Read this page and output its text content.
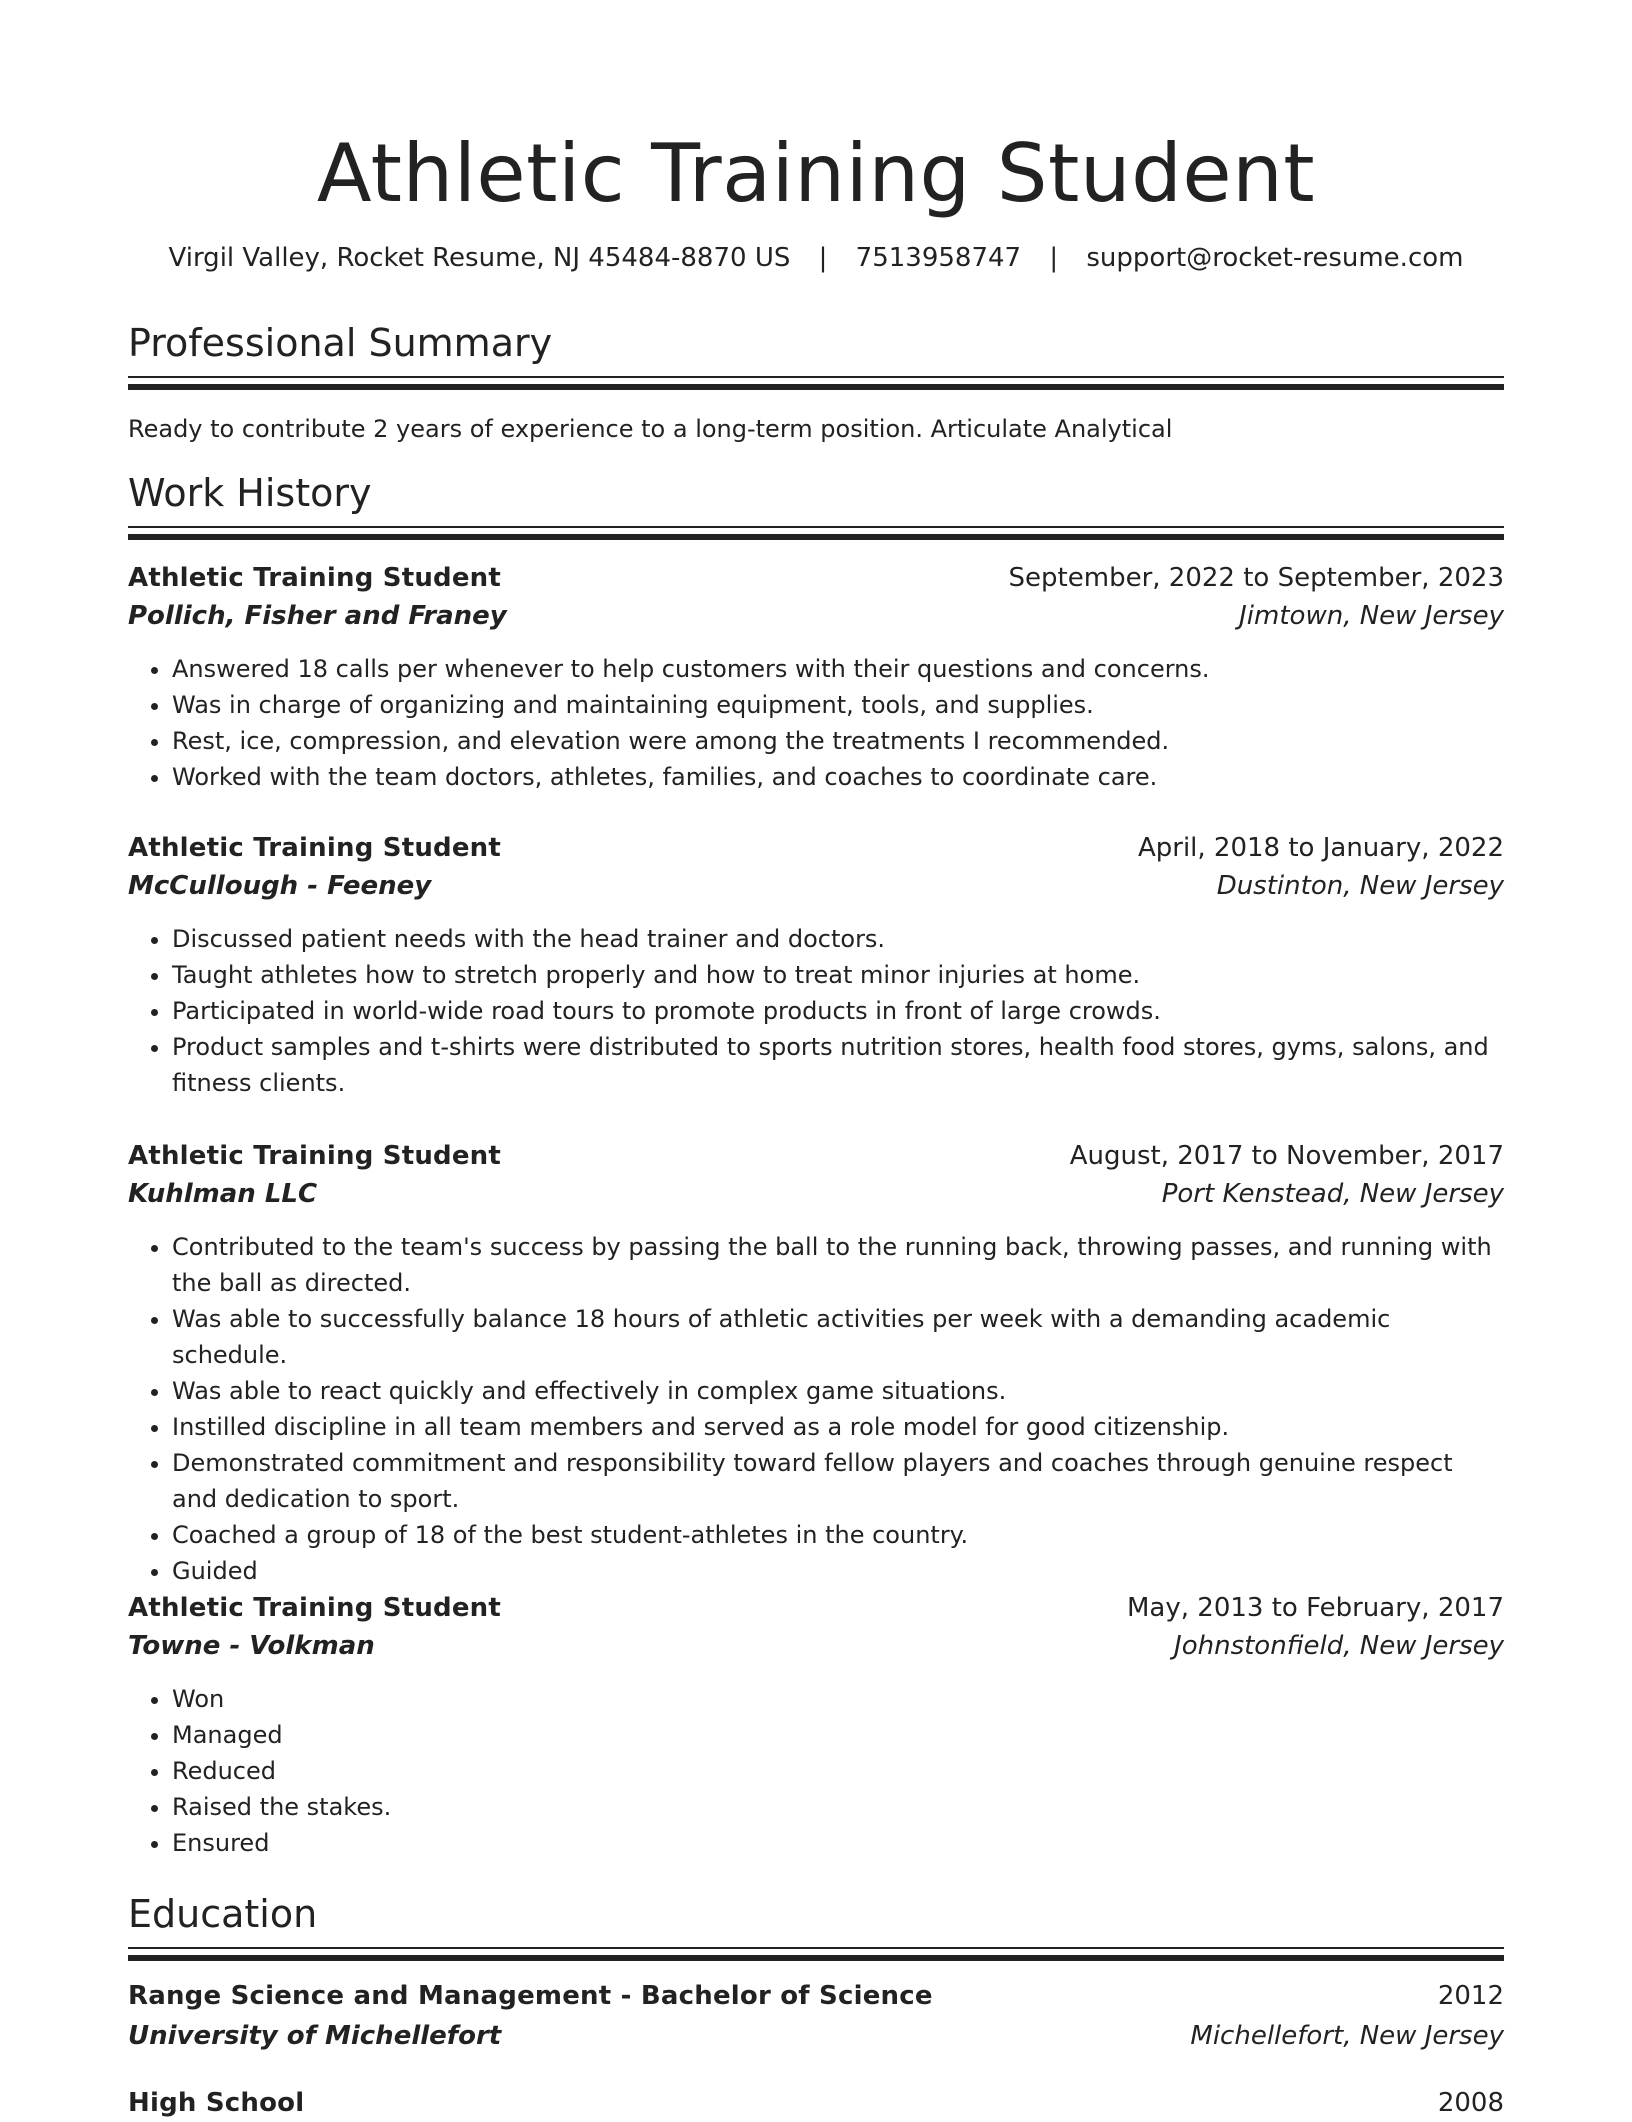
Athletic Training Student
Virgil Valley, Rocket Resume, NJ 45484-8870 US | 7513958747 | support@rocket-resume.com
Professional Summary
Ready to contribute 2 years of experience to a long-term position. Articulate Analytical
Work History
Athletic Training Student	September, 2022 to September, 2023
Pollich, Fisher and Franey	Jimtown, New Jersey
• Answered 18 calls per whenever to help customers with their questions and concerns.
• Was in charge of organizing and maintaining equipment, tools, and supplies.
• Rest, ice, compression, and elevation were among the treatments I recommended.
• Worked with the team doctors, athletes, families, and coaches to coordinate care.
Athletic Training Student	April, 2018 to January, 2022
McCullough - Feeney	Dustinton, New Jersey
• Discussed patient needs with the head trainer and doctors.
• Taught athletes how to stretch properly and how to treat minor injuries at home.
• Participated in world-wide road tours to promote products in front of large crowds.
• Product samples and t-shirts were distributed to sports nutrition stores, health food stores, gyms, salons, and fitness clients.
Athletic Training Student	August, 2017 to November, 2017
Kuhlman LLC	Port Kenstead, New Jersey
• Contributed to the team's success by passing the ball to the running back, throwing passes, and running with the ball as directed.
• Was able to successfully balance 18 hours of athletic activities per week with a demanding academic schedule.
• Was able to react quickly and effectively in complex game situations.
• Instilled discipline in all team members and served as a role model for good citizenship.
• Demonstrated commitment and responsibility toward fellow players and coaches through genuine respect and dedication to sport.
• Coached a group of 18 of the best student-athletes in the country.
• Guided
Athletic Training Student	May, 2013 to February, 2017
Towne - Volkman	Johnstonfield, New Jersey
• Won
• Managed
• Reduced
• Raised the stakes.
• Ensured
Education
Range Science and Management - Bachelor of Science	2012
University of Michellefort	Michellefort, New Jersey
High School	2008
